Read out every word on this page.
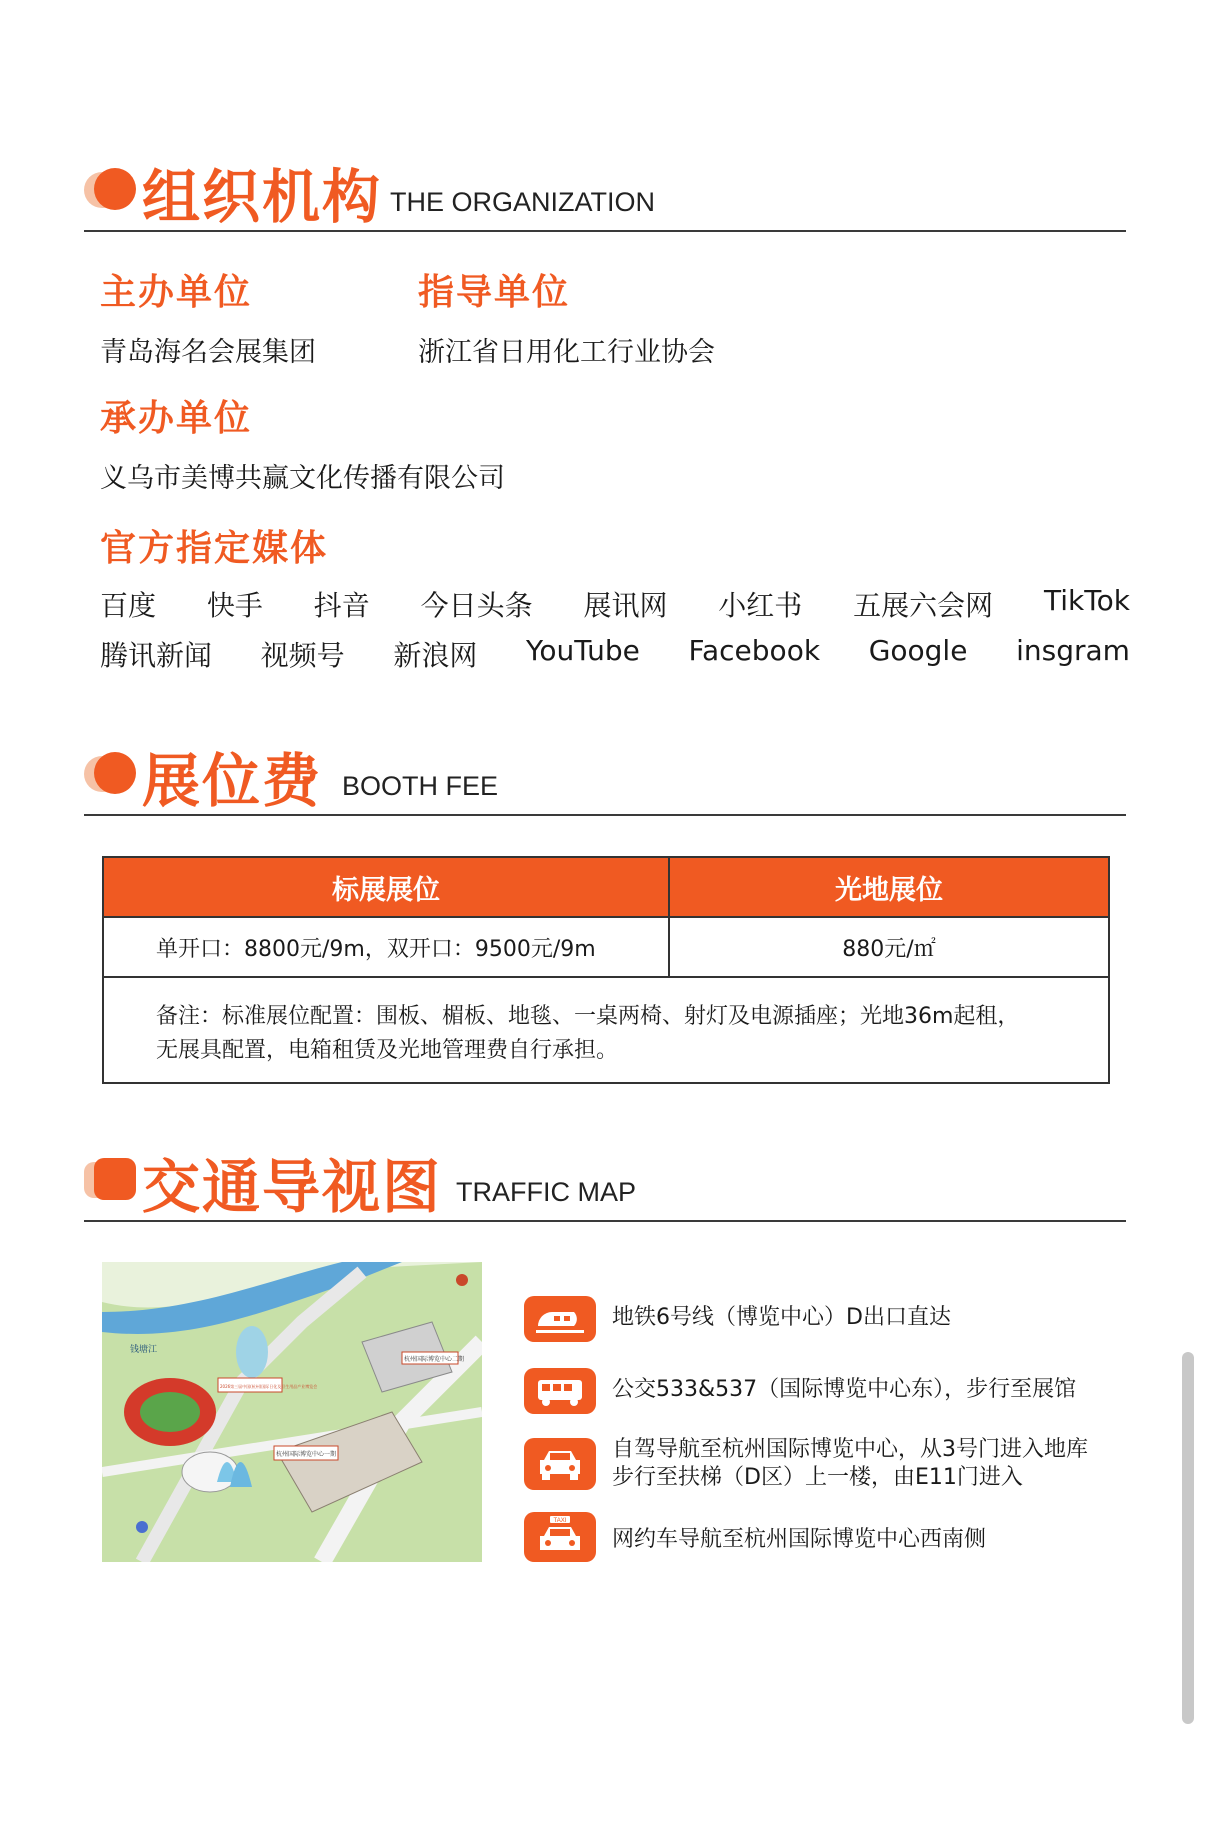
组织机构 THE ORGANIZATION
主办单位
青岛海名会展集团
指导单位
浙江省日用化工行业协会
承办单位
义乌市美博共赢文化传播有限公司
官方指定媒体
百度 快手 抖音 今日头条 展讯网 小红书 五展六会网 TikTok
腾讯新闻 视频号 新浪网 YouTube Facebook Google insgram
展位费 BOOTH FEE
标展展位	光地展位
单开口：8800元/9m，双开口：9500元/9m	880元/㎡
备注：标准展位配置：围板、楣板、地毯、一桌两椅、射灯及电源插座；光地36m起租，
无展具配置，电箱租赁及光地管理费自行承担。
交通导视图 TRAFFIC MAP
钱塘江
杭州国际博览中心一期
杭州国际博览中心二期
2026第三届中国(杭州)国际日化及卫生用品产业博览会
地铁6号线（博览中心）D出口直达
公交533&537（国际博览中心东），步行至展馆
自驾导航至杭州国际博览中心，从3号门进入地库
步行至扶梯（D区）上一楼，由E11门进入
TAXI
网约车导航至杭州国际博览中心西南侧
